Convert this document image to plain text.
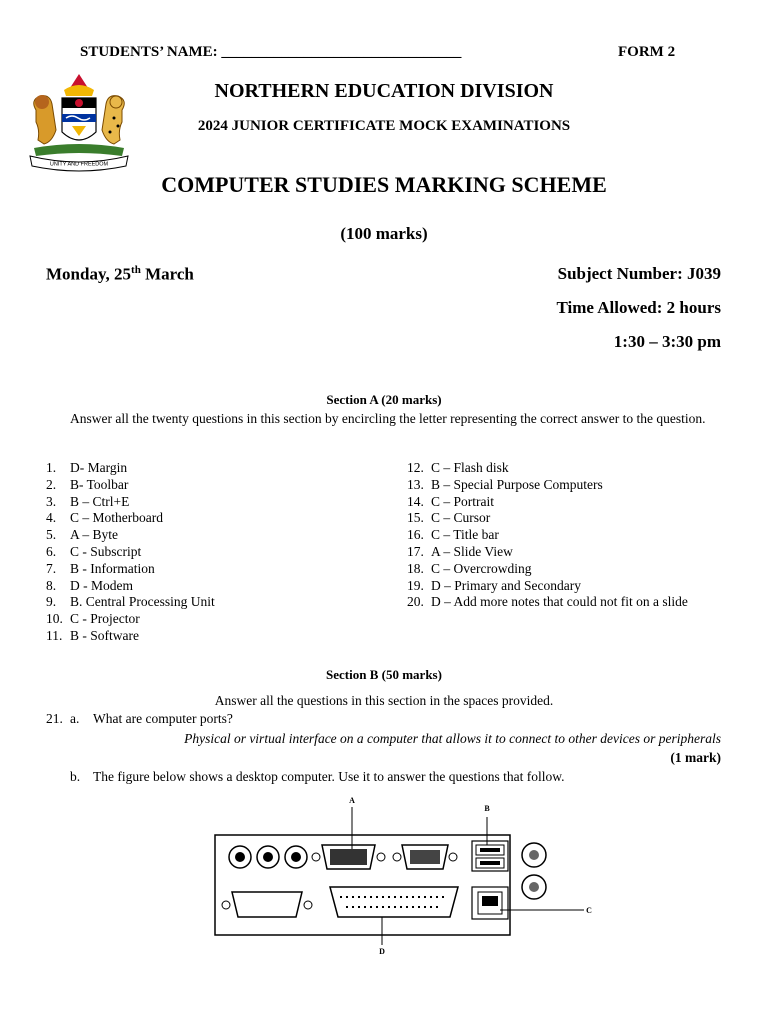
STUDENTS’ NAME: ________________________________	FORM 2
UNITY AND FREEDOM
NORTHERN EDUCATION DIVISION
2024 JUNIOR CERTIFICATE MOCK EXAMINATIONS
COMPUTER STUDIES MARKING SCHEME
(100 marks)
Monday, 25th March	Subject Number: J039
Time Allowed: 2 hours
1:30 – 3:30 pm
Section A (20 marks)
Answer all the twenty questions in this section by encircling the letter representing the correct answer to the question.
1.	D- Margin
2.	B- Toolbar
3.	B – Ctrl+E
4.	C – Motherboard
5.	A – Byte
6.	C - Subscript
7.	B - Information
8.	D - Modem
9.	B. Central Processing Unit
10. C - Projector
11. B - Software
12. C – Flash disk
13. B – Special Purpose Computers
14. C – Portrait
15. C – Cursor
16. C – Title bar
17. A – Slide View
18. C – Overcrowding
19. D – Primary and Secondary
20. D – Add more notes that could not fit on a slide
Section B (50 marks)
Answer all the questions in this section in the spaces provided.
21. a. What are computer ports?
Physical or virtual interface on a computer that allows it to connect to other devices or peripherals
(1 mark)
b. The figure below shows a desktop computer. Use it to answer the questions that follow.
A
B
C
D
